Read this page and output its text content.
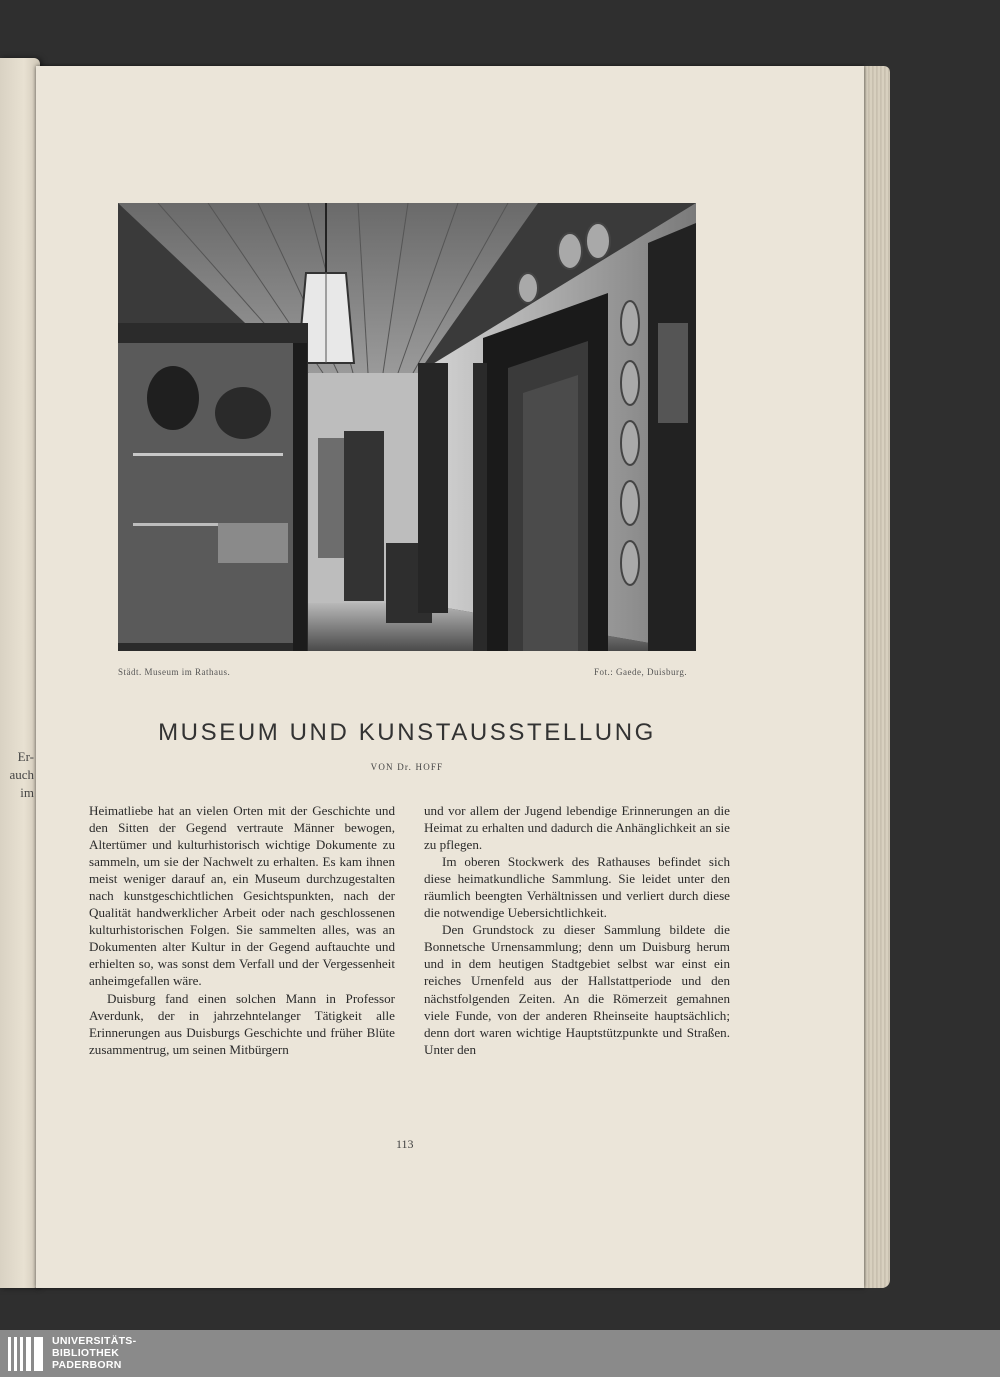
Er-
auch
im
Städt. Museum im Rathaus.	Fot.: Gaede, Duisburg.
MUSEUM UND KUNSTAUSSTELLUNG
VON Dr. HOFF

Heimatliebe hat an vielen Orten mit der Geschichte und den Sitten der Gegend vertraute Männer bewogen, Altertümer und kulturhistorisch wichtige Dokumente zu sammeln, um sie der Nachwelt zu erhalten. Es kam ihnen meist weniger darauf an, ein Museum durchzugestalten nach kunstgeschichtlichen Gesichtspunkten, nach der Qualität handwerklicher Arbeit oder nach geschlossenen kulturhistorischen Folgen. Sie sammelten alles, was an Dokumenten alter Kultur in der Gegend auftauchte und erhielten so, was sonst dem Verfall und der Vergessenheit anheimgefallen wäre.

Duisburg fand einen solchen Mann in Professor Averdunk, der in jahrzehntelanger Tätigkeit alle Erinnerungen aus Duisburgs Geschichte und früher Blüte zusammentrug, um seinen Mitbürgern

und vor allem der Jugend lebendige Erinnerungen an die Heimat zu erhalten und dadurch die Anhänglichkeit an sie zu pflegen.

Im oberen Stockwerk des Rathauses befindet sich diese heimatkundliche Sammlung. Sie leidet unter den räumlich beengten Verhältnissen und verliert durch diese die notwendige Uebersichtlichkeit.

Den Grundstock zu dieser Sammlung bildete die Bonnetsche Urnensammlung; denn um Duisburg herum und in dem heutigen Stadtgebiet selbst war einst ein reiches Urnenfeld aus der Hallstattperiode und den nächstfolgenden Zeiten. An die Römerzeit gemahnen viele Funde, von der anderen Rheinseite hauptsächlich; denn dort waren wichtige Hauptstützpunkte und Straßen. Unter den

113
UNIVERSITÄTS-
BIBLIOTHEK
PADERBORN
